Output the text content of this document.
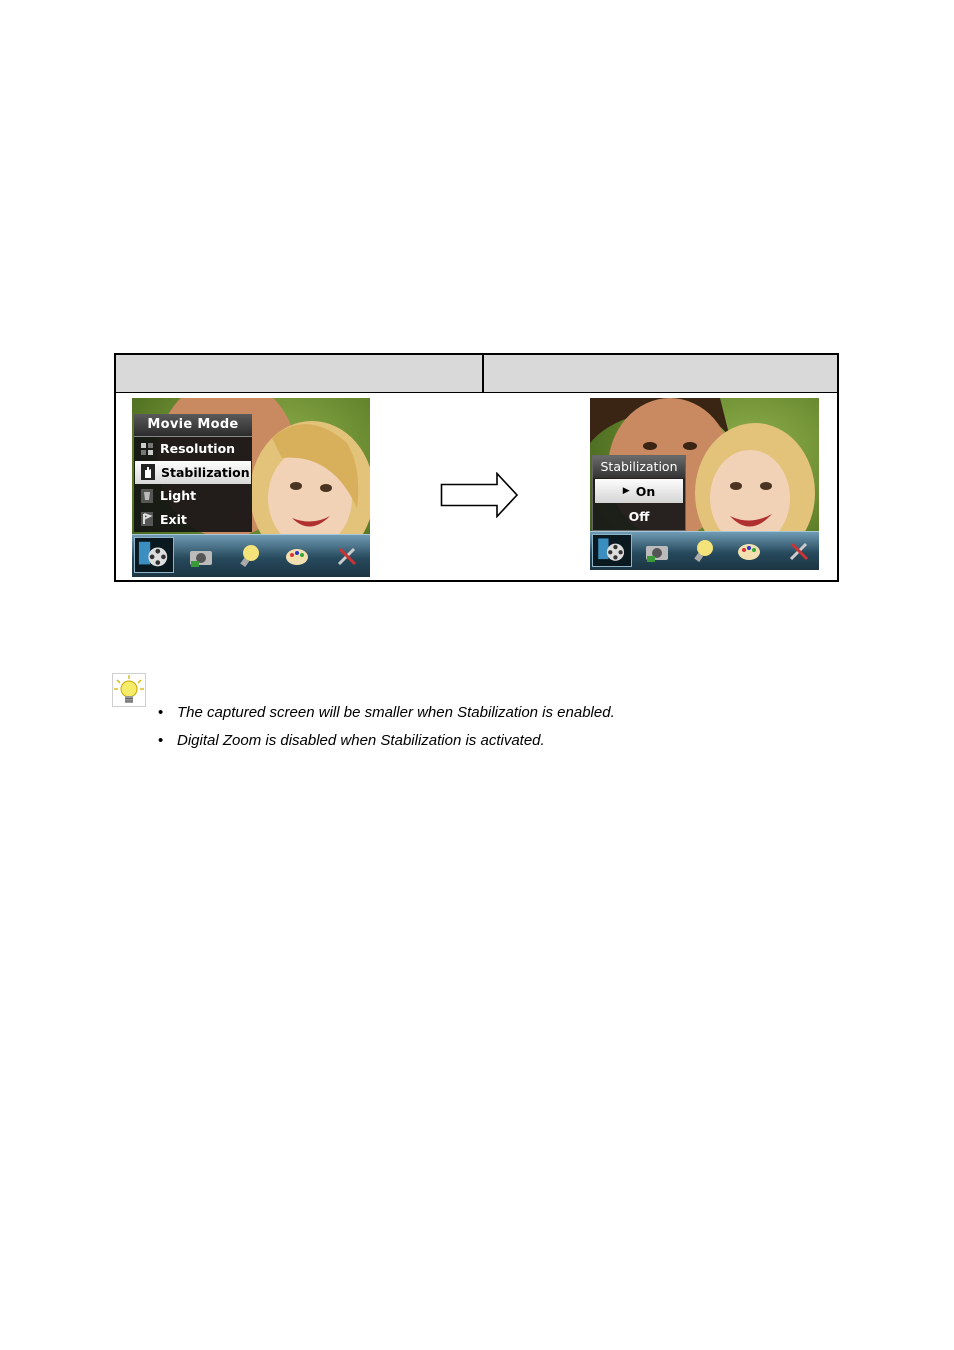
Movie Mode
Resolution
Stabilization
Light
Exit
Stabilization
▶ On
Off
• The captured screen will be smaller when Stabilization is enabled.
• Digital Zoom is disabled when Stabilization is activated.
